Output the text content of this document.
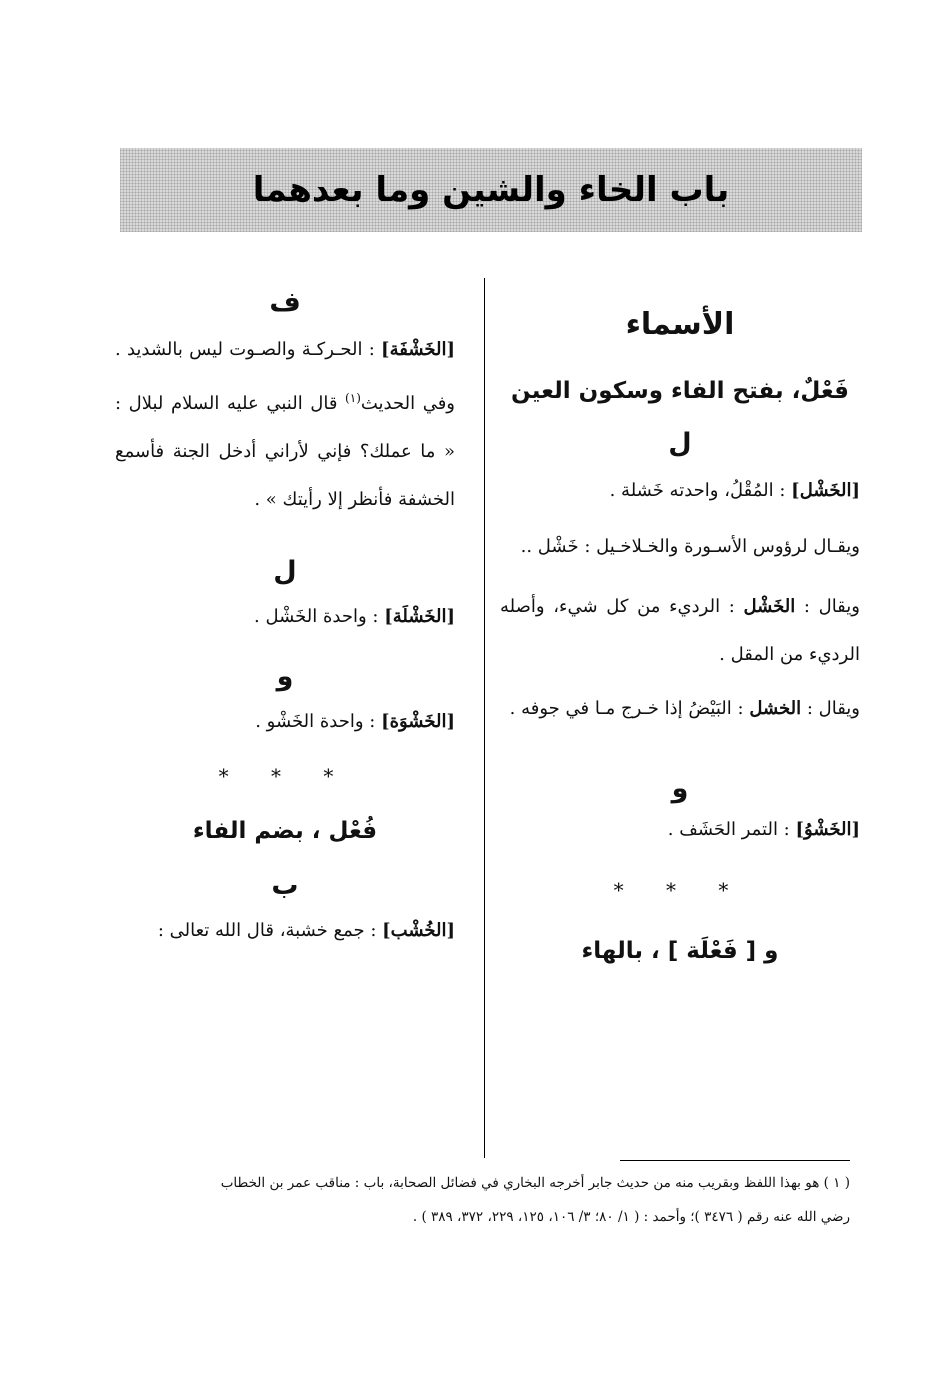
باب الخاء والشين وما بعدهما

الأسماء

فَعْلٌ، بفتح الفاء وسكون العين

ل

[الخَشْل] : المُقْلُ، واحدته خَشلة .

ويقـال لرؤوس الأسـورة والخـلاخـيل : خَشْل ..

ويقال : الخَشْل : الرديء من كل شيء، وأصله الرديء من المقل .

ويقال : الخشل : البَيْضُ إذا خـرج مـا في جوفه .

و

[الخَشْوُ] : التمر الحَشَف .

* * *

و [ فَعْلَة ] ، بالهاء

ف

[الخَشْفَة] : الحـركـة والصـوت ليس بالشديد . وفي الحديث$^{(١)}$ قال النبي عليه السلام لبلال : « ما عملك؟ فإني لأراني أدخل الجنة فأسمع الخشفة فأنظر إلا رأيتك » .

ل

[الخَشْلَة] : واحدة الخَشْل .

و

[الخَشْوَة] : واحدة الخَشْو .

* * *

فُعْل ، بضم الفاء

ب

[الخُشْب] : جمع خشبة، قال الله تعالى :

( ١ ) هو بهذا اللفظ وبقريب منه من حديث جابر أخرجه البخاري في فضائل الصحابة، باب : مناقب عمر بن الخطاب
رضي الله عنه رقم ( ٣٤٧٦ )؛ وأحمد : ( ١/ ٨٠؛ ٣/ ١٠٦، ١٢٥، ٢٢٩، ٣٧٢، ٣٨٩ ) .
